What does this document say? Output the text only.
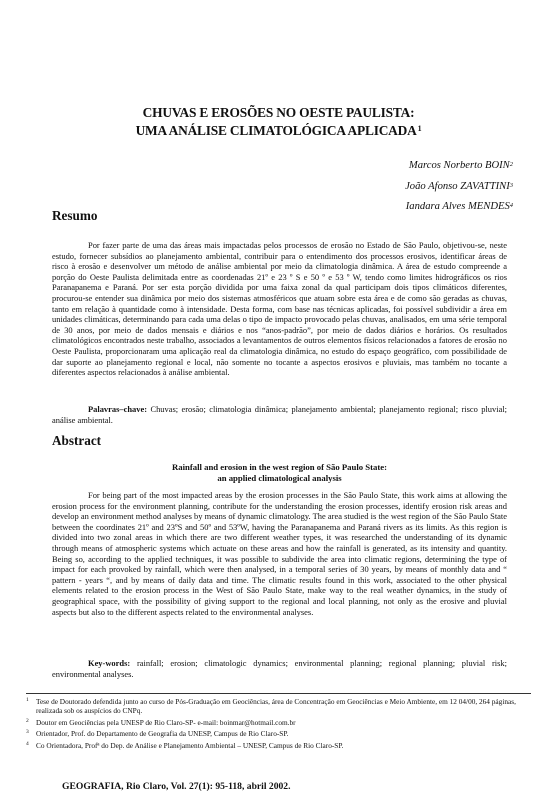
CHUVAS E EROSÕES NO OESTE PAULISTA:
UMA ANÁLISE CLIMATOLÓGICA APLICADA$^1$
Marcos Norberto BOIN$^2$
João Afonso ZAVATTINI$^3$
Iandara Alves MENDES$^4$
Resumo
Por fazer parte de uma das áreas mais impactadas pelos processos de erosão no Estado de São Paulo, objetivou-se, neste estudo, fornecer subsídios ao planejamento ambiental, contribuir para o entendimento dos processos erosivos, identificar áreas de risco à erosão e desenvolver um método de análise ambiental por meio da climatologia dinâmica. A área de estudo compreende a porção do Oeste Paulista delimitada entre as coordenadas 21º e 23 º S e 50 º e 53 º W, tendo como limites hidrográficos os rios Paranapanema e Paraná. Por ser esta porção dividida por uma faixa zonal da qual participam dois tipos climáticos diferentes, procurou-se entender sua dinâmica por meio dos sistemas atmosféricos que atuam sobre esta área e de como são geradas as chuvas, tanto em relação à quantidade como à intensidade. Desta forma, com base nas técnicas aplicadas, foi possível subdividir a área em unidades climáticas, determinando para cada uma delas o tipo de impacto provocado pelas chuvas, analisados, em uma série temporal de 30 anos, por meio de dados mensais e diários e nos “anos-padrão”, por meio de dados diários e horários. Os resultados climatológicos encontrados neste trabalho, associados a levantamentos de outros elementos físicos relacionados a fatores de erosão no Oeste Paulista, proporcionaram uma aplicação real da climatologia dinâmica, no estudo do espaço geográfico, com possibilidade de dar suporte ao planejamento regional e local, não somente no tocante a aspectos erosivos e pluviais, mas também no tocante a diferentes aspectos relacionados à análise ambiental.
Palavras–chave: Chuvas; erosão; climatologia dinâmica; planejamento ambiental; planejamento regional; risco pluvial; análise ambiental.
Abstract
Rainfall and erosion in the west region of São Paulo State:
an applied climatological analysis
For being part of the most impacted areas by the erosion processes in the São Paulo State, this work aims at allowing the erosion process for the environment planning, contribute for the understanding the erosion processes, identify erosion risk areas and develop an environment method analyses by means of dynamic climatology. The area studied is the west region of the São Paulo State between the coordinates 21º and 23ºS and 50º and 53ºW, having the Paranapanema and Paraná rivers as its limits. As this region is divided into two zonal areas in which there are two different weather types, it was researched the understanding of its dynamic through means of atmospheric systems which actuate on these areas and how the rainfall is generated, as its intensity and quantity. Being so, according to the applied techniques, it was possible to subdivide the area into climatic regions, determining the type of impact for each provoked by rainfall, which were then analysed, in a temporal series of 30 years, by means of monthly data and “ pattern - years “, and by means of daily data and time. The climatic results found in this work, associated to the other physical elements related to the erosion process in the West of São Paulo State, make way to the real weather dynamics, in the study of geographical space, with the possibility of giving support to the regional and local planning, not only as the erosive and pluvial aspects but also to the different aspects related to the environmental analyses.
Key-words: rainfall; erosion; climatologic dynamics; environmental planning; regional planning; pluvial risk; environmental analyses.
1 Tese de Doutorado defendida junto ao curso de Pós-Graduação em Geociências, área de Concentração em Geociências e Meio Ambiente, em 12 04/00, 264 páginas, realizada sob os auspícios do CNPq.
2 Doutor em Geociências pela UNESP de Rio Claro-SP- e-mail: boinmar@hotmail.com.br
3 Orientador, Prof. do Departamento de Geografia da UNESP, Campus de Rio Claro-SP.
4 Co Orientadora, Profª do Dep. de Análise e Planejamento Ambiental – UNESP, Campus de Rio Claro-SP.
GEOGRAFIA, Rio Claro, Vol. 27(1): 95-118, abril 2002.
